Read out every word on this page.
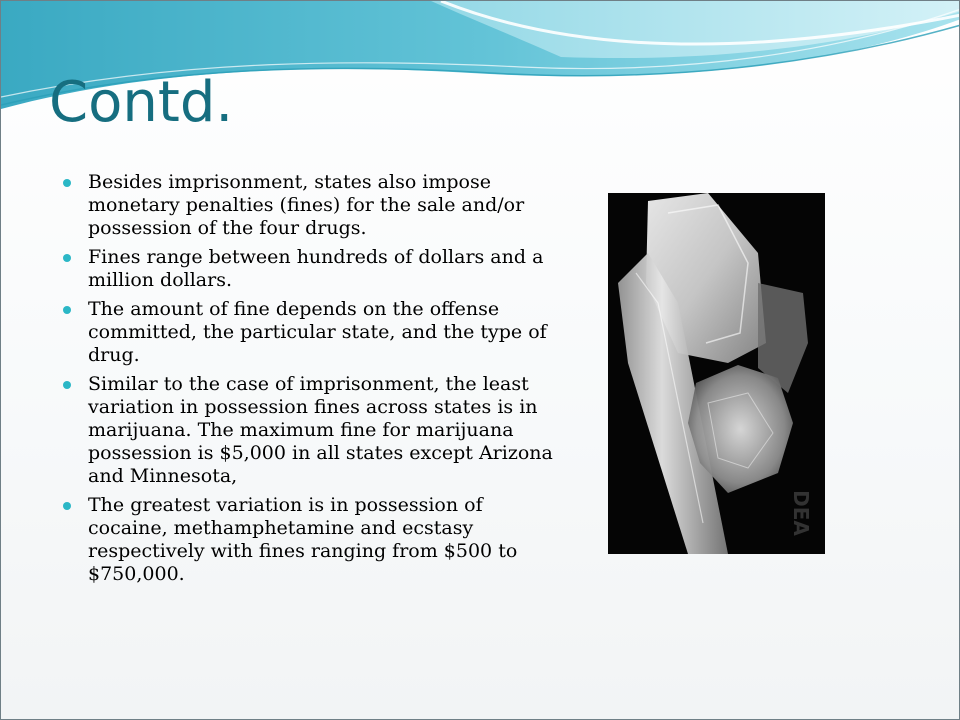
Contd.
Besides imprisonment, states also impose monetary penalties (fines) for the sale and/or possession of the four drugs.
Fines range between hundreds of dollars and a million dollars.
The amount of fine depends on the offense committed, the particular state, and the type of drug.
Similar to the case of imprisonment, the least variation in possession fines across states is in marijuana. The maximum fine for marijuana possession is $5,000 in all states except Arizona and Minnesota,
The greatest variation is in possession of cocaine, methamphetamine and ecstasy respectively with fines ranging from $500 to $750,000.
DEA
